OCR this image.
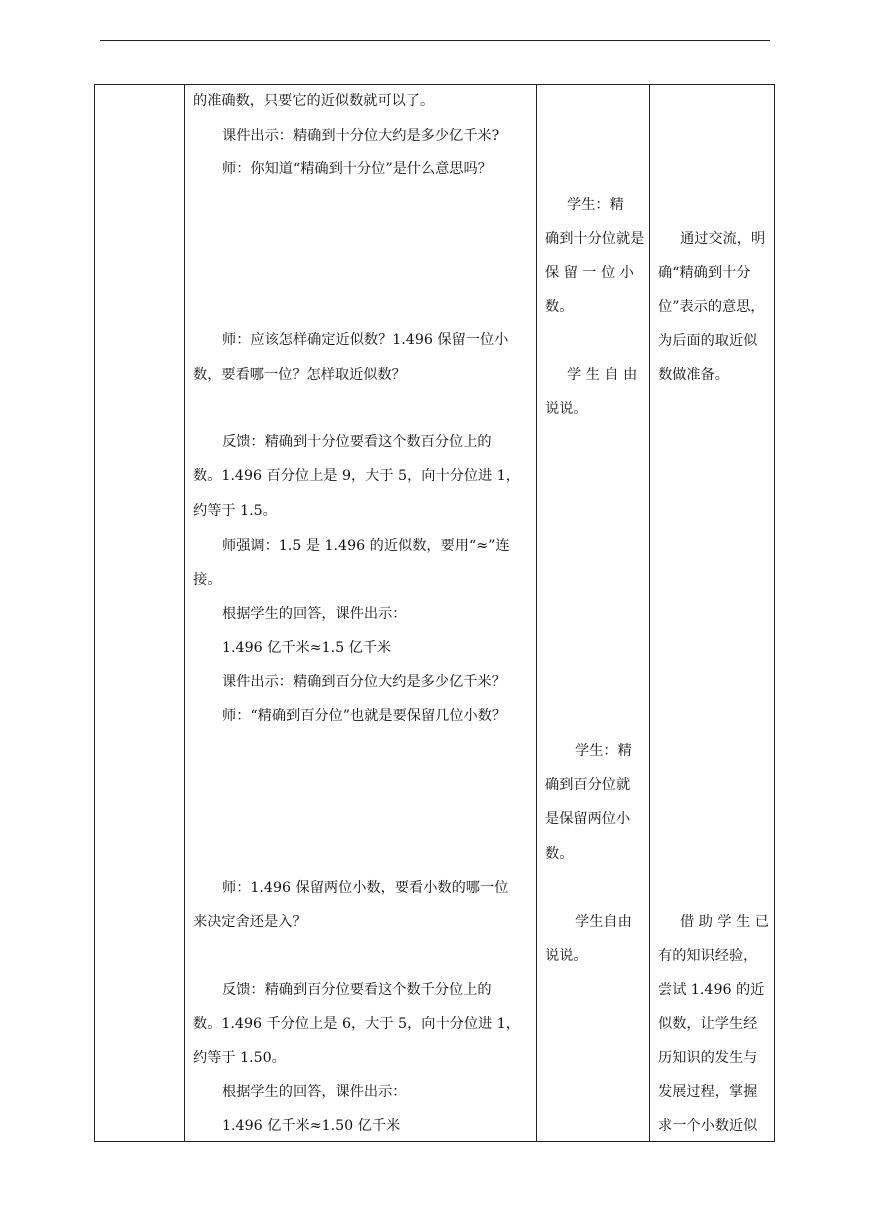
的准确数，只要它的近似数就可以了。
课件出示：精确到十分位大约是多少亿千米?
师：你知道“精确到十分位”是什么意思吗？
师：应该怎样确定近似数？1.496 保留一位小
数，要看哪一位？怎样取近似数？
反馈：精确到十分位要看这个数百分位上的
数。1.496 百分位上是 9，大于 5，向十分位进 1，
约等于 1.5。
师强调：1.5 是 1.496 的近似数，要用“≈”连
接。
根据学生的回答，课件出示：
1.496 亿千米≈1.5 亿千米
课件出示：精确到百分位大约是多少亿千米？
师：“精确到百分位”也就是要保留几位小数？
师：1.496 保留两位小数，要看小数的哪一位
来决定舍还是入？
反馈：精确到百分位要看这个数千分位上的
数。1.496 千分位上是 6，大于 5，向十分位进 1，
约等于 1.50。
根据学生的回答，课件出示：
1.496 亿千米≈1.50 亿千米
学生：精
确到十分位就是
保 留 一 位 小
数。
学 生 自 由
说说。
学生：精
确到百分位就
是保留两位小
数。
学生自由
说说。
通过交流，明
确“精确到十分
位”表示的意思，
为后面的取近似
数做准备。
借 助 学 生 已
有的知识经验，
尝试 1.496 的近
似数，让学生经
历知识的发生与
发展过程，掌握
求一个小数近似
